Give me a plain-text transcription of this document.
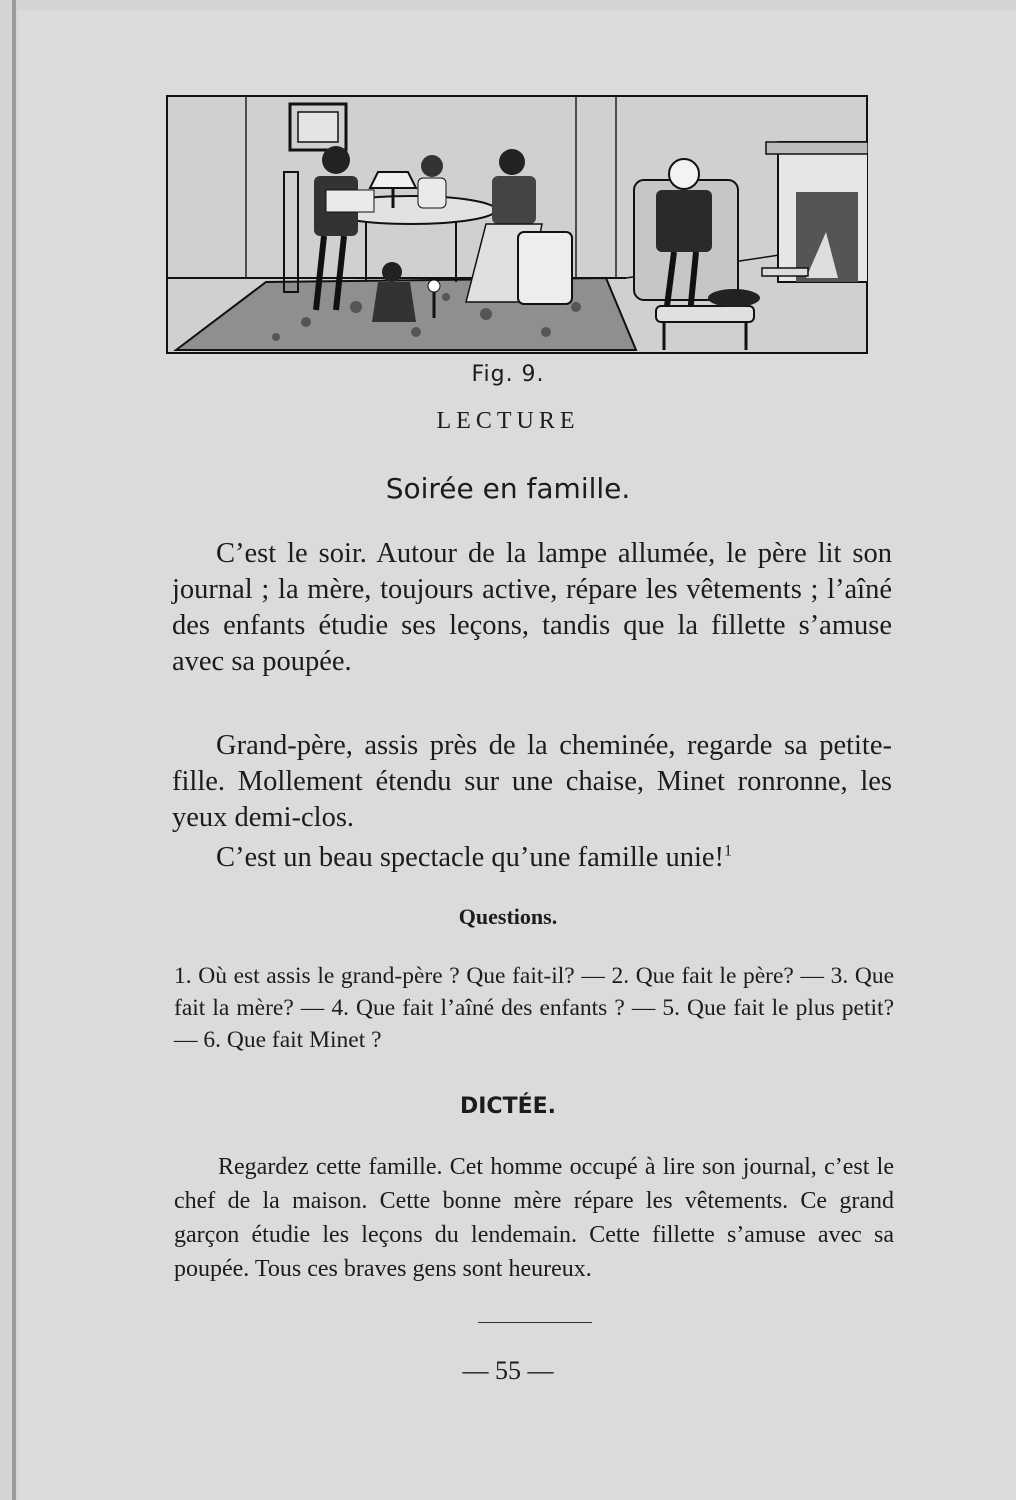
Fig. 9.
LECTURE
Soirée en famille.

C’est le soir. Autour de la lampe allumée, le père lit son journal ; la mère, toujours active, répare les vêtements ; l’aîné des enfants étudie ses leçons, tandis que la fillette s’amuse avec sa poupée.

Grand-père, assis près de la cheminée, regarde sa petite-fille. Mollement étendu sur une chaise, Minet ronronne, les yeux demi-clos.

C’est un beau spectacle qu’une famille unie!$^1$

Questions.

1. Où est assis le grand-père ? Que fait-il? — 2. Que fait le père? — 3. Que fait la mère? — 4. Que fait l’aîné des enfants ? — 5. Que fait le plus petit? — 6. Que fait Minet ?

DICTÉE.

Regardez cette famille. Cet homme occupé à lire son journal, c’est le chef de la maison. Cette bonne mère répare les vêtements. Ce grand garçon étudie les leçons du lendemain. Cette fillette s’amuse avec sa poupée. Tous ces braves gens sont heureux.

— 55 —
